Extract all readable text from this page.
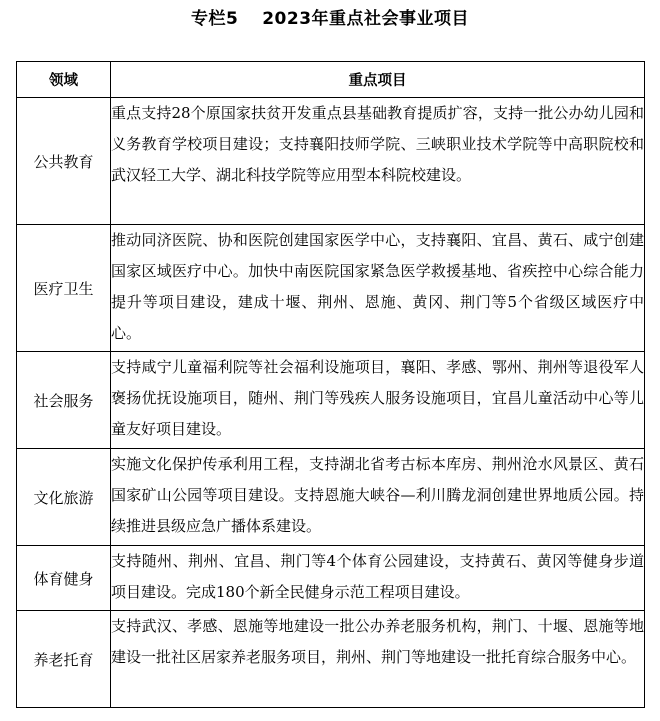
专栏5　 2023年重点社会事业项目
领域	重点项目
公共教育	重点支持28个原国家扶贫开发重点县基础教育提质扩容，支持一批公办幼儿园和义务教育学校项目建设；支持襄阳技师学院、三峡职业技术学院等中高职院校和武汉轻工大学、湖北科技学院等应用型本科院校建设。
医疗卫生	推动同济医院、协和医院创建国家医学中心，支持襄阳、宜昌、黄石、咸宁创建国家区域医疗中心。加快中南医院国家紧急医学救援基地、省疾控中心综合能力提升等项目建设，建成十堰、荆州、恩施、黄冈、荆门等5个省级区域医疗中心。
社会服务	支持咸宁儿童福利院等社会福利设施项目，襄阳、孝感、鄂州、荆州等退役军人褒扬优抚设施项目，随州、荆门等残疾人服务设施项目，宜昌儿童活动中心等儿童友好项目建设。
文化旅游	实施文化保护传承利用工程，支持湖北省考古标本库房、荆州沧水风景区、黄石国家矿山公园等项目建设。支持恩施大峡谷—利川腾龙洞创建世界地质公园。持续推进县级应急广播体系建设。
体育健身	支持随州、荆州、宜昌、荆门等4个体育公园建设，支持黄石、黄冈等健身步道项目建设。完成180个新全民健身示范工程项目建设。
养老托育	支持武汉、孝感、恩施等地建设一批公办养老服务机构，荆门、十堰、恩施等地建设一批社区居家养老服务项目，荆州、荆门等地建设一批托育综合服务中心。
